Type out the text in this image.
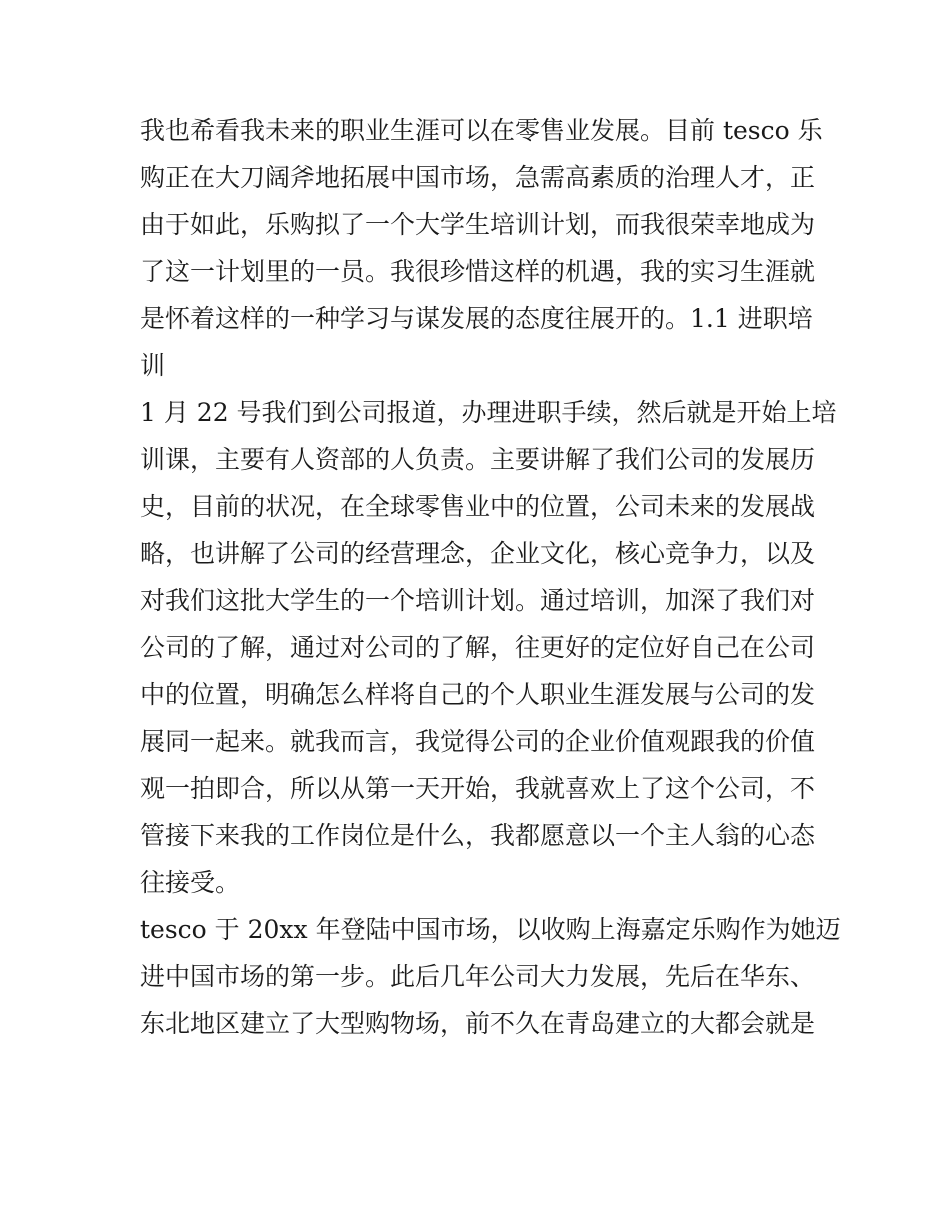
我也希看我未来的职业生涯可以在零售业发展。目前 tesco 乐
购正在大刀阔斧地拓展中国市场，急需高素质的治理人才，正
由于如此，乐购拟了一个大学生培训计划，而我很荣幸地成为
了这一计划里的一员。我很珍惜这样的机遇，我的实习生涯就
是怀着这样的一种学习与谋发展的态度往展开的。1.1 进职培
训
1 月 22 号我们到公司报道，办理进职手续，然后就是开始上培
训课，主要有人资部的人负责。主要讲解了我们公司的发展历
史，目前的状况，在全球零售业中的位置，公司未来的发展战
略，也讲解了公司的经营理念，企业文化，核心竞争力，以及
对我们这批大学生的一个培训计划。通过培训，加深了我们对
公司的了解，通过对公司的了解，往更好的定位好自己在公司
中的位置，明确怎么样将自己的个人职业生涯发展与公司的发
展同一起来。就我而言，我觉得公司的企业价值观跟我的价值
观一拍即合，所以从第一天开始，我就喜欢上了这个公司，不
管接下来我的工作岗位是什么，我都愿意以一个主人翁的心态
往接受。
tesco 于 20xx 年登陆中国市场，以收购上海嘉定乐购作为她迈
进中国市场的第一步。此后几年公司大力发展，先后在华东、
东北地区建立了大型购物场，前不久在青岛建立的大都会就是
